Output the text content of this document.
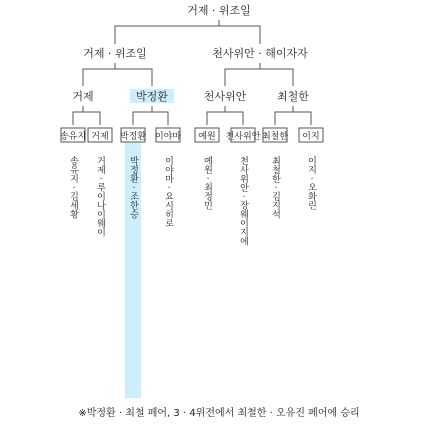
거제 · 위조일
거제 · 위조일	천사위안 · 해이자자
거제	박정환	천사위안	최철한
송유지
송유지 · 김세황
거제
거제 · 루이나이웨이
박정환
박정환 · 조한승
이야마
이야마 · 요시히로
예원
예원 · 최정민
천사위안
천사위안 · 장웨이지에
최철한
최철한 · 김지석
이지
이지 · 오화린
※박정환 · 최철 페어, 3 · 4위전에서 최철한 · 오유진 페어에 승리
